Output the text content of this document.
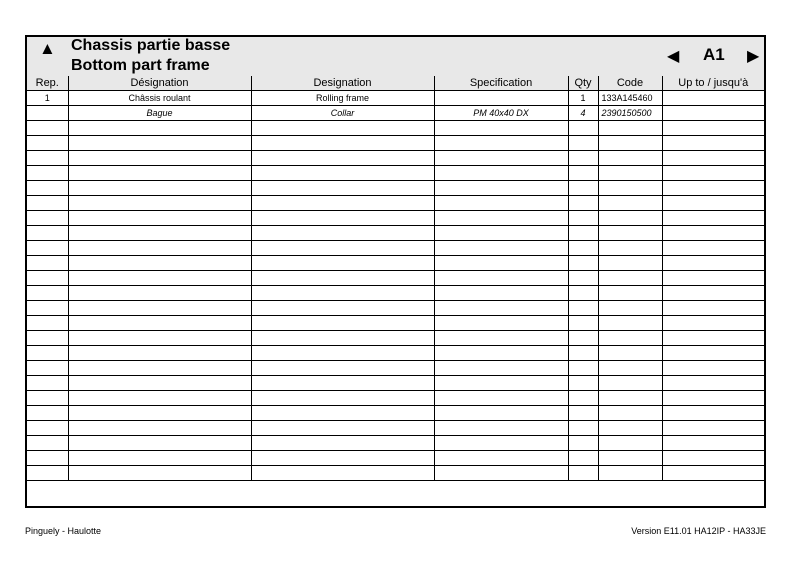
▲ Chassis partie basse
Bottom part frame
◀ A1 ▶
Rep.	Désignation	Designation	Specification	Qty	Code	Up to / jusqu'à
1	Châssis roulant	Rolling frame		1	133A145460	
	Bague	Collar	PM 40x40 DX	4	2390150500	

Pinguely - Haulotte	Version E11.01 HA12IP - HA33JE
